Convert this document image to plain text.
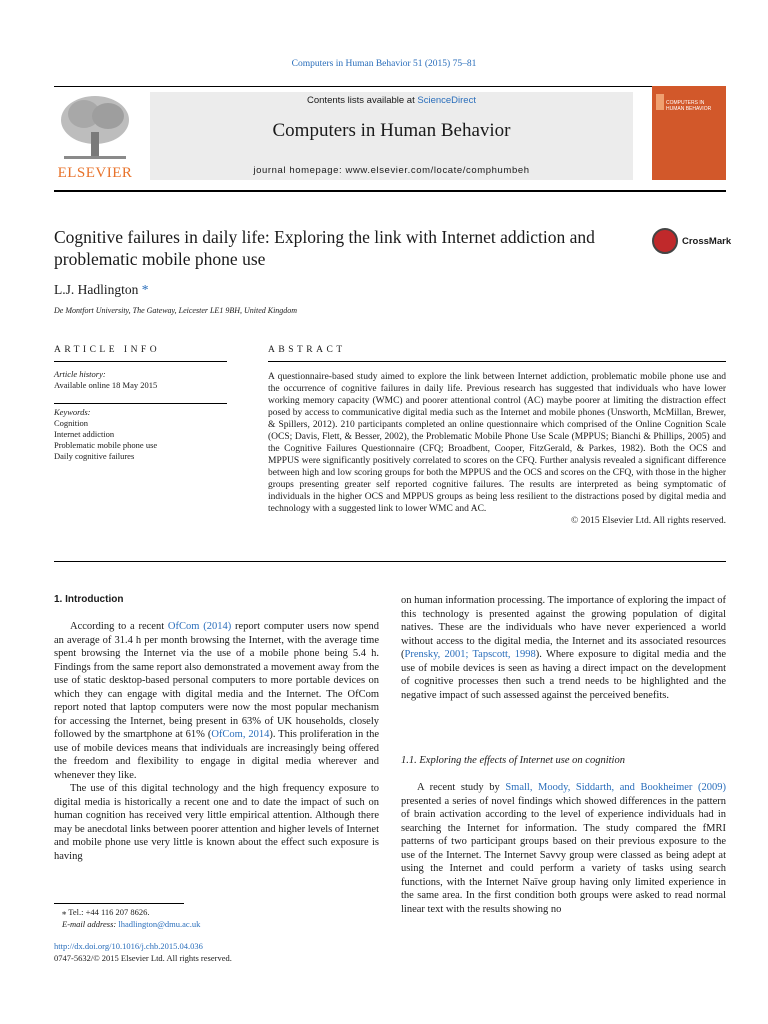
Computers in Human Behavior 51 (2015) 75–81
ELSEVIER
Contents lists available at ScienceDirect
Computers in Human Behavior
journal homepage: www.elsevier.com/locate/comphumbeh
COMPUTERS IN HUMAN BEHAVIOR
Cognitive failures in daily life: Exploring the link with Internet addiction and problematic mobile phone use
CrossMark
L.J. Hadlington *
De Montfort University, The Gateway, Leicester LE1 9BH, United Kingdom
ARTICLE INFO	ABSTRACT
Article history:
Available online 18 May 2015
Keywords:
Cognition
Internet addiction
Problematic mobile phone use
Daily cognitive failures
A questionnaire-based study aimed to explore the link between Internet addiction, problematic mobile phone use and the occurrence of cognitive failures in daily life. Previous research has suggested that individuals who have lower working memory capacity (WMC) and poorer attentional control (AC) maybe poorer at limiting the distraction effect posed by access to communicative digital media such as the Internet and mobile phones (Unsworth, McMillan, Brewer, & Spillers, 2012). 210 participants completed an online questionnaire which comprised of the Online Cognition Scale (OCS; Davis, Flett, & Besser, 2002), the Problematic Mobile Phone Use Scale (MPPUS; Bianchi & Phillips, 2005) and the Cognitive Failures Questionnaire (CFQ; Broadbent, Cooper, FitzGerald, & Parkes, 1982). Both the OCS and MPPUS were significantly positively correlated to scores on the CFQ. Further analysis revealed a significant difference between high and low scoring groups for both the MPPUS and the OCS and scores on the CFQ, with those in the higher groups presenting greater self reported cognitive failures. The results are interpreted as being symptomatic of individuals in the higher OCS and MPPUS groups as being less resilient to the distractions posed by digital media and technology with a suggested link to lower WMC and AC.
© 2015 Elsevier Ltd. All rights reserved.
1. Introduction

According to a recent OfCom (2014) report computer users now spend an average of 31.4 h per month browsing the Internet, with the average time spent browsing the Internet via the use of a mobile phone being 5.4 h. Findings from the same report also demonstrated a movement away from the use of static desktop-based personal computers to more portable devices on which they can engage with digital media and the Internet. The OfCom report noted that laptop computers were now the most popular mechanism for accessing the Internet, being present in 63% of UK households, closely followed by the smartphone at 61% (OfCom, 2014). This proliferation in the use of mobile devices means that individuals are increasingly being offered the freedom and flexibility to engage in digital media wherever and whenever they like.

The use of this digital technology and the high frequency exposure to digital media is historically a recent one and to date the impact of such on human cognition has received very little empirical attention. Although there may be anecdotal links between poorer attention and higher levels of Internet and mobile phone use very little is known about the effect such exposure is having

on human information processing. The importance of exploring the impact of this technology is presented against the growing population of digital natives. These are the individuals who have never experienced a world without access to the digital media, the Internet and its associated resources (Prensky, 2001; Tapscott, 1998). Where exposure to digital media and the use of mobile devices is seen as having a direct impact on the development of cognitive processes then such a trend needs to be highlighted and the negative impact of such assessed against the perceived benefits.

1.1. Exploring the effects of Internet use on cognition

A recent study by Small, Moody, Siddarth, and Bookheimer (2009) presented a series of novel findings which showed differences in the pattern of brain activation according to the level of experience individuals had in searching the Internet for information. The study compared the fMRI patterns of two participant groups based on their previous exposure to the use of the Internet. The Internet Savvy group were classed as being adept at using the Internet and could perform a variety of tasks using search functions, with the Internet Naïve group having only limited experience in the same area. In the first condition both groups were asked to read normal linear text with the results showing no

⁎ Tel.: +44 116 207 8626.
E-mail address: lhadlington@dmu.ac.uk
http://dx.doi.org/10.1016/j.chb.2015.04.036
0747-5632/© 2015 Elsevier Ltd. All rights reserved.
